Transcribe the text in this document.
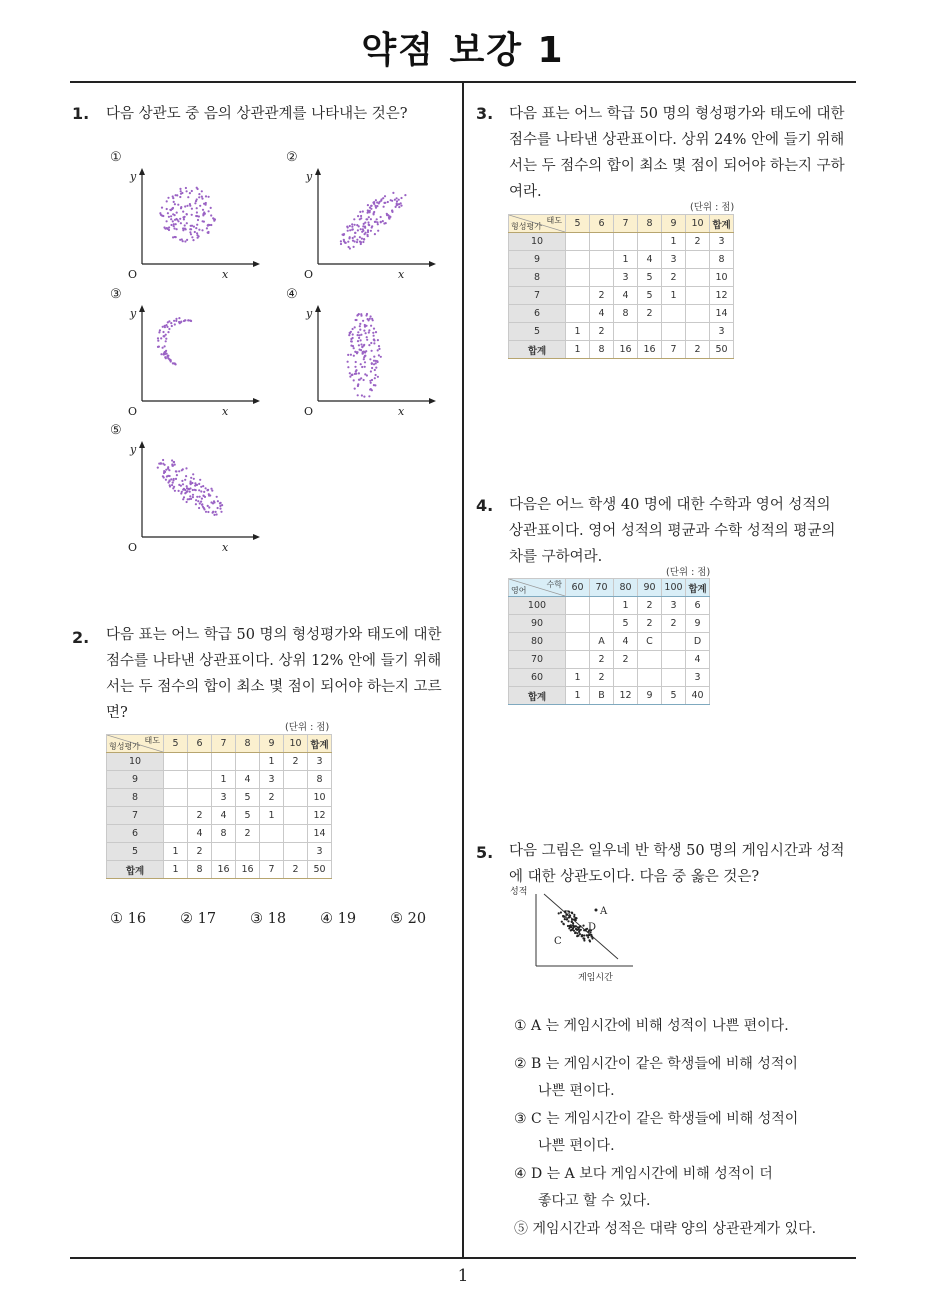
약점 보강 1
1
1. 다음 상관도 중 음의 상관관계를 나타내는 것은?
①
y
x
O
②
y
x
O
③
y
x
O
④
y
x
O
⑤
y
x
O
2. 다음 표는 어느 학급 50 명의 형성평가와 태도에 대한
점수를 나타낸 상관표이다. 상위 12% 안에 들기 위해
서는 두 점수의 합이 최소 몇 점이 되어야 하는지 고르
면?
(단위 : 점)
태도
형성평가	5	6	7	8	9	10	합계
10					1	2	3
9			1	4	3		8
8			3	5	2		10
7		2	4	5	1		12
6		4	8	2			14
5	1	2					3
합계	1	8	16	16	7	2	50
① 16 ② 17 ③ 18 ④ 19 ⑤ 20
3. 다음 표는 어느 학급 50 명의 형성평가와 태도에 대한
점수를 나타낸 상관표이다. 상위 24% 안에 들기 위해
서는 두 점수의 합이 최소 몇 점이 되어야 하는지 구하
여라.
(단위 : 점)
태도
형성평가	5	6	7	8	9	10	합계
10					1	2	3
9			1	4	3		8
8			3	5	2		10
7		2	4	5	1		12
6		4	8	2			14
5	1	2					3
합계	1	8	16	16	7	2	50
4. 다음은 어느 학생 40 명에 대한 수학과 영어 성적의
상관표이다. 영어 성적의 평균과 수학 성적의 평균의
차를 구하여라.
(단위 : 점)
수학
영어	60	70	80	90	100	합계
100			1	2	3	6
90			5	2	2	9
80		A	4	C		D
70		2	2			4
60	1	2				3
합계	1	B	12	9	5	40
5. 다음 그림은 일우네 반 학생 50 명의 게임시간과 성적
에 대한 상관도이다. 다음 중 옳은 것은?
A
B
C
D
성적
게임시간
① A 는 게임시간에 비해 성적이 나쁜 편이다.
② B 는 게임시간이 같은 학생들에 비해 성적이
나쁜 편이다.
③ C 는 게임시간이 같은 학생들에 비해 성적이
나쁜 편이다.
④ D 는 A 보다 게임시간에 비해 성적이 더
좋다고 할 수 있다.
⑤ 게임시간과 성적은 대략 양의 상관관계가 있다.
